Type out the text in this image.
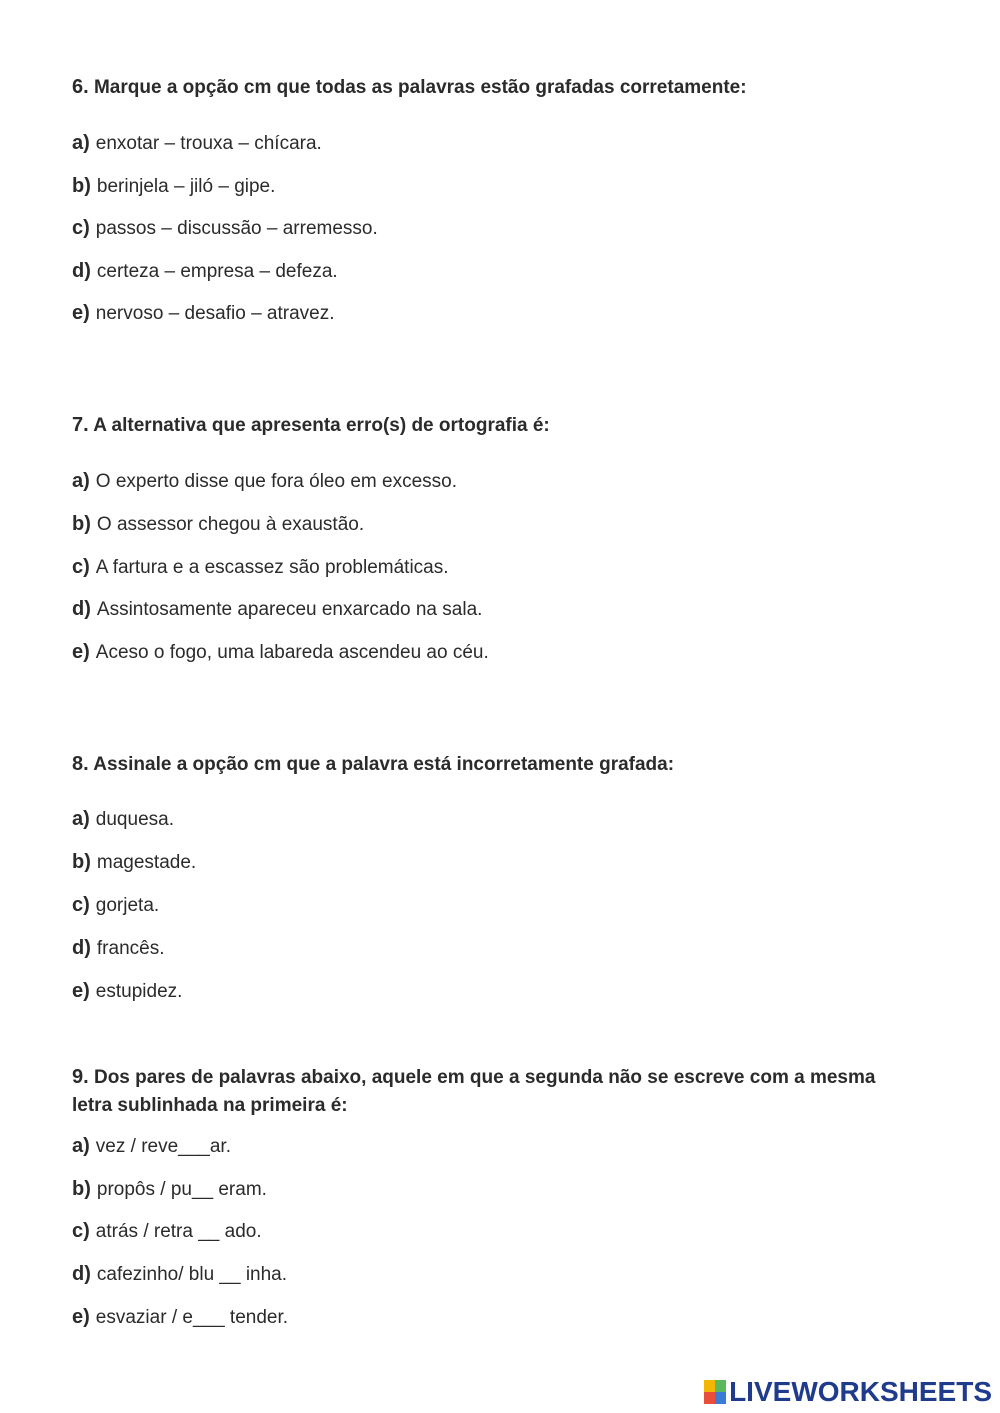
6. Marque a opção cm que todas as palavras estão grafadas corretamente:
a) enxotar – trouxa – chícara.
b) berinjela – jiló – gipe.
c) passos – discussão – arremesso.
d) certeza – empresa – defeza.
e) nervoso – desafio – atravez.
7. A alternativa que apresenta erro(s) de ortografia é:
a) O experto disse que fora óleo em excesso.
b) O assessor chegou à exaustão.
c) A fartura e a escassez são problemáticas.
d) Assintosamente apareceu enxarcado na sala.
e) Aceso o fogo, uma labareda ascendeu ao céu.
8. Assinale a opção cm que a palavra está incorretamente grafada:
a) duquesa.
b) magestade.
c) gorjeta.
d) francês.
e) estupidez.
9. Dos pares de palavras abaixo, aquele em que a segunda não se escreve com a mesma
letra sublinhada na primeira é:
a) vez / reve___ar.
b) propôs / pu__ eram.
c) atrás / retra __ ado.
d) cafezinho/ blu __ inha.
e) esvaziar / e___ tender.
LIVEWORKSHEETS
